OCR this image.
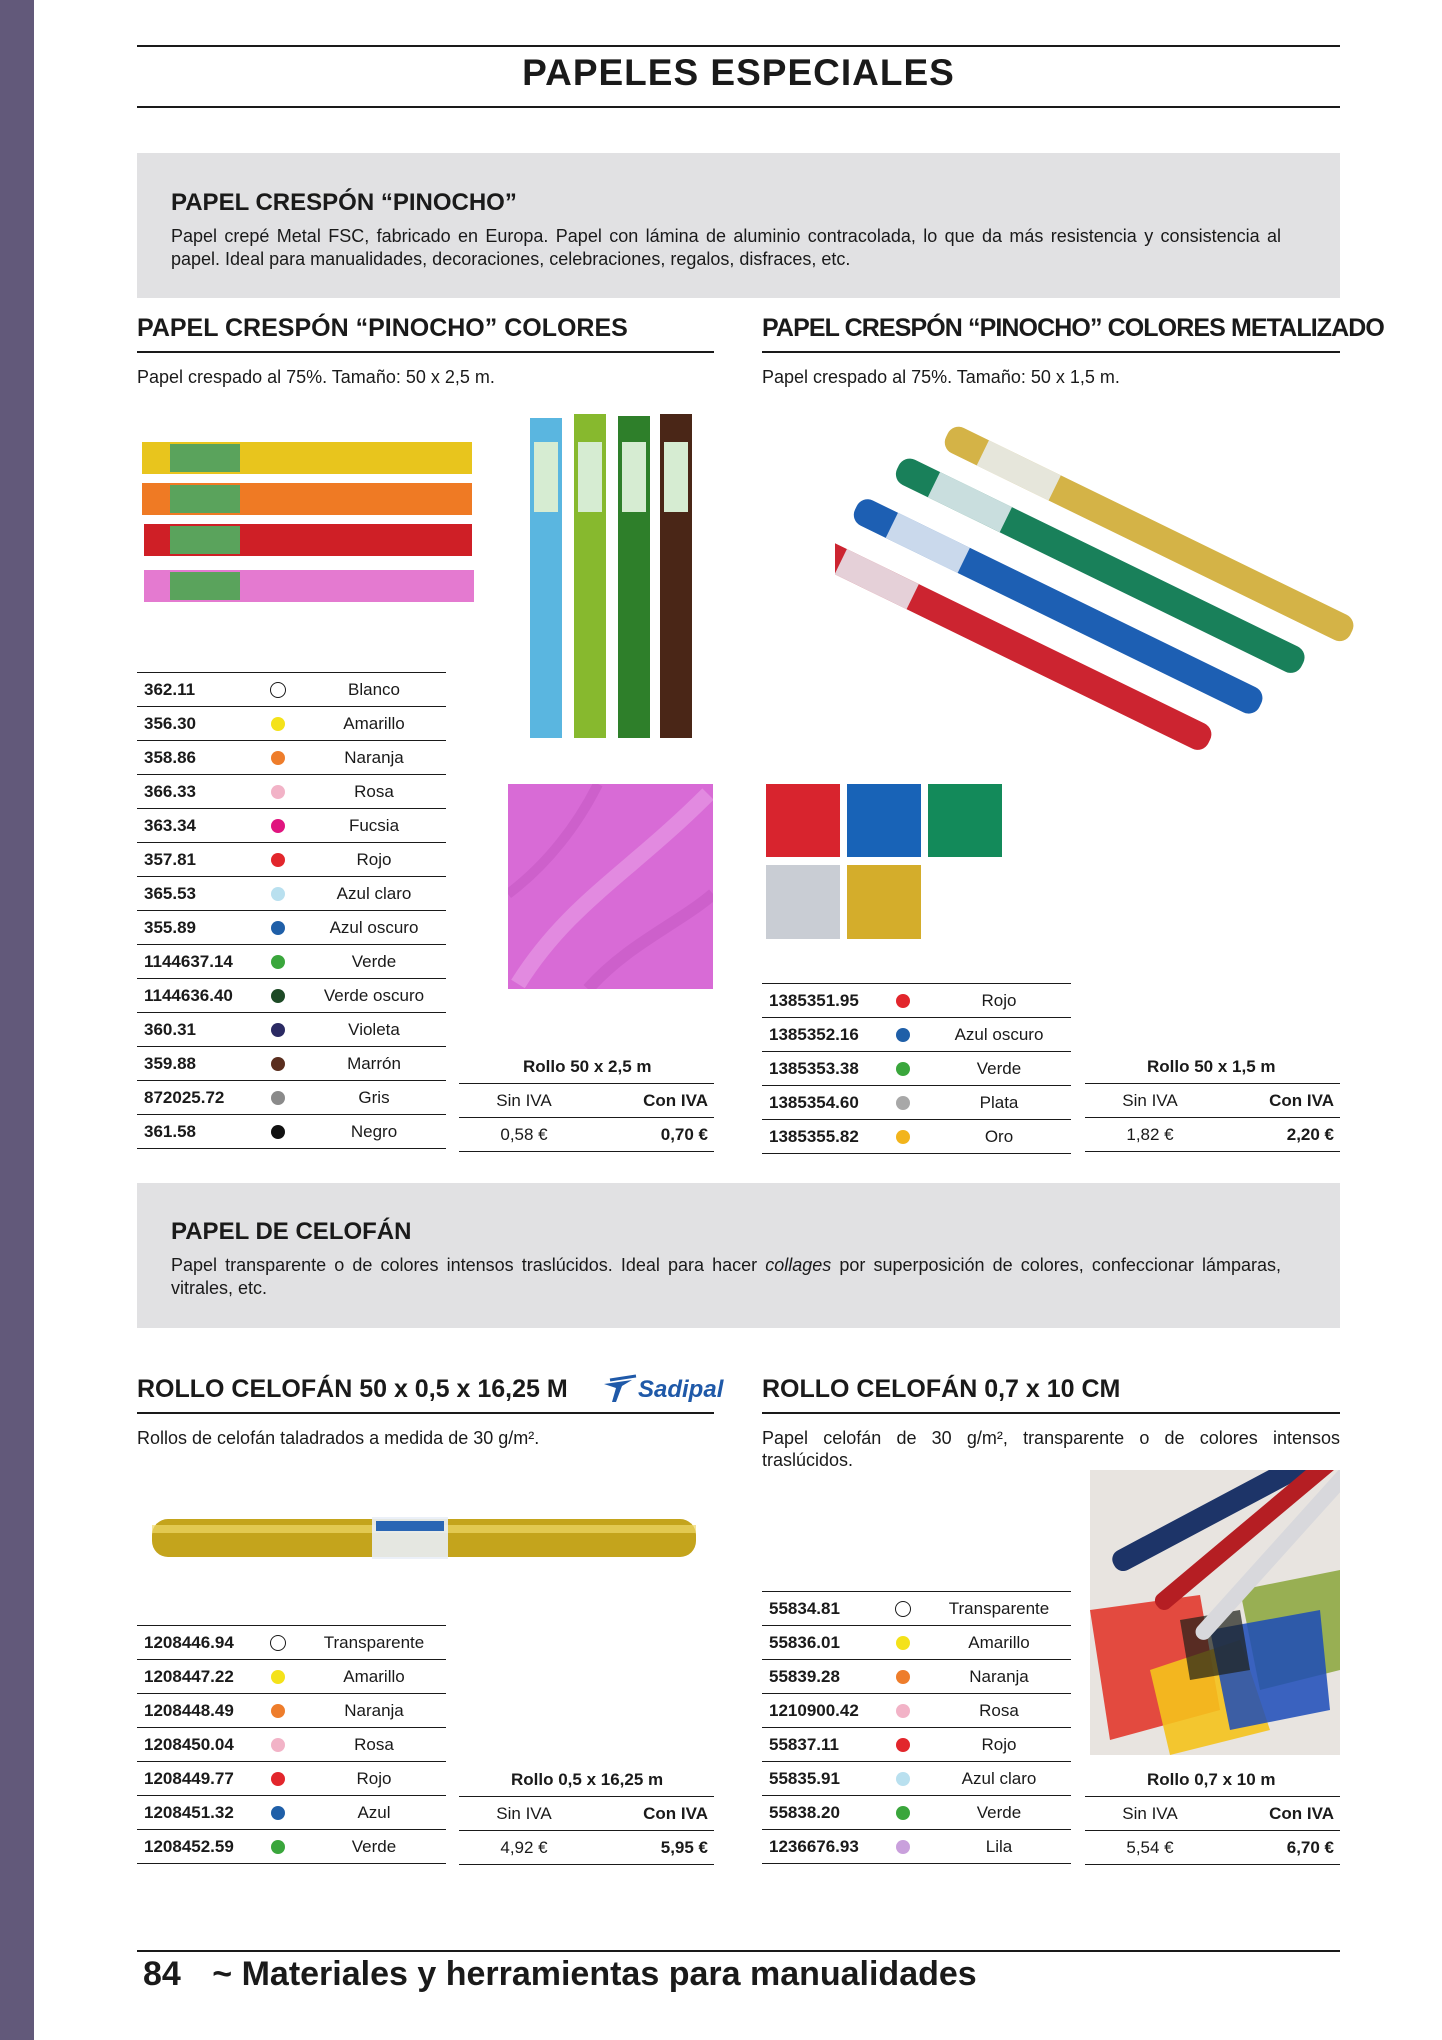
PAPELES ESPECIALES
PAPEL CRESPÓN “PINOCHO”

Papel crepé Metal FSC, fabricado en Europa. Papel con lámina de aluminio contracolada, lo que da más resistencia y consistencia al papel. Ideal para manualidades, decoraciones, celebraciones, regalos, disfraces, etc.

PAPEL CRESPÓN “PINOCHO” COLORES
Papel crespado al 75%. Tamaño: 50 x 2,5 m.
PAPEL CRESPÓN “PINOCHO” COLORES METALIZADO
Papel crespado al 75%. Tamaño: 50 x 1,5 m.
362.11		Blanco
356.30		Amarillo
358.86		Naranja
366.33		Rosa
363.34		Fucsia
357.81		Rojo
365.53		Azul claro
355.89		Azul oscuro
1144637.14		Verde
1144636.40		Verde oscuro
360.31		Violeta
359.88		Marrón
872025.72		Gris
361.58		Negro
Rollo 50 x 2,5 m	
Sin IVA	Con IVA
0,58 €	0,70 €
1385351.95		Rojo
1385352.16		Azul oscuro
1385353.38		Verde
1385354.60		Plata
1385355.82		Oro
Rollo 50 x 1,5 m	
Sin IVA	Con IVA
1,82 €	2,20 €
PAPEL DE CELOFÁN

Papel transparente o de colores intensos traslúcidos. Ideal para hacer collages por superposición de colores, confeccionar lámparas, vitrales, etc.

ROLLO CELOFÁN 50 x 0,5 x 16,25 M	Sadipal
Rollos de celofán taladrados a medida de 30 g/m².
ROLLO CELOFÁN 0,7 x 10 CM
Papel celofán de 30 g/m², transparente o de colores intensos traslúcidos.
1208446.94		Transparente
1208447.22		Amarillo
1208448.49		Naranja
1208450.04		Rosa
1208449.77		Rojo
1208451.32		Azul
1208452.59		Verde
Rollo 0,5 x 16,25 m	
Sin IVA	Con IVA
4,92 €	5,95 €
55834.81		Transparente
55836.01		Amarillo
55839.28		Naranja
1210900.42		Rosa
55837.11		Rojo
55835.91		Azul claro
55838.20		Verde
1236676.93		Lila
Rollo 0,7 x 10 m	
Sin IVA	Con IVA
5,54 €	6,70 €
84 ~ Materiales y herramientas para manualidades
